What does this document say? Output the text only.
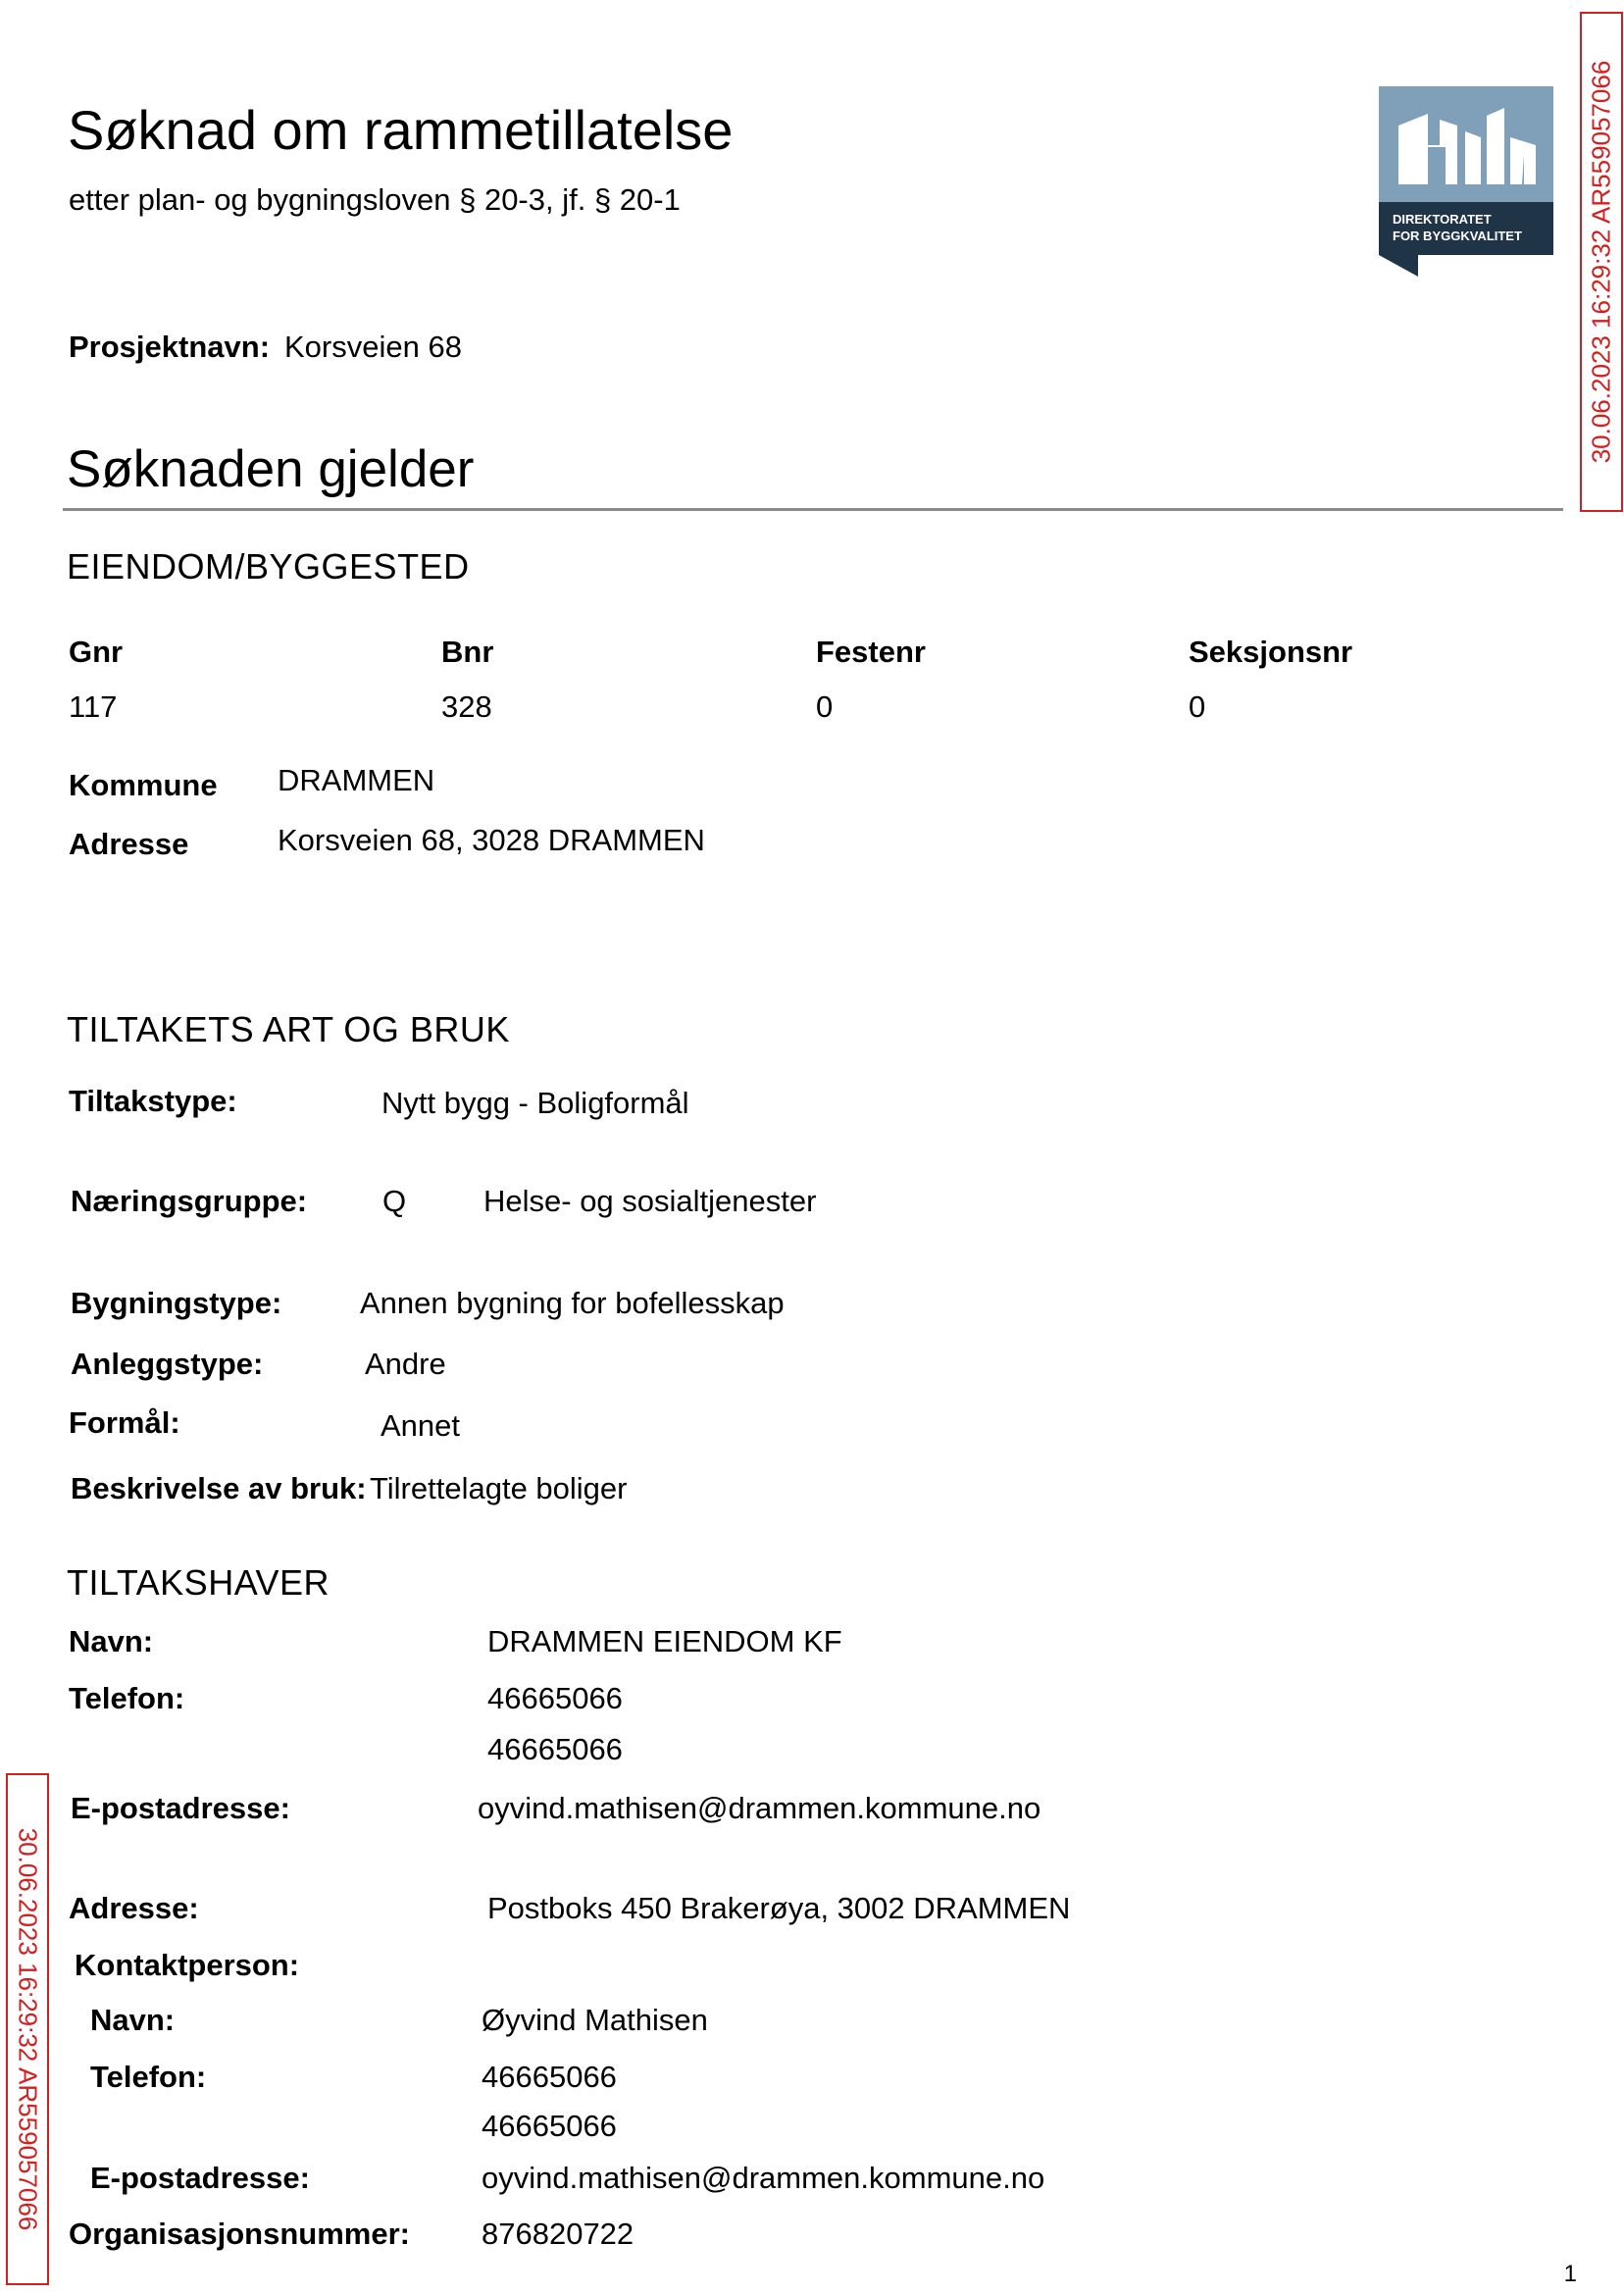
Søknad om rammetillatelse
etter plan- og bygningsloven § 20-3, jf. § 20-1
DIREKTORATET
FOR BYGGKVALITET	30.06.2023 16:29:32 AR559057066
Prosjektnavn: Korsveien 68
Søknaden gjelder
EIENDOM/BYGGESTED
Gnr	Bnr	Festenr	Seksjonsnr
117	328	0	0
Kommune DRAMMEN
Adresse	Korsveien 68, 3028 DRAMMEN
TILTAKETS ART OG BRUK
Tiltakstype:	Nytt bygg - Boligformål
Næringsgruppe: Q	Helse- og sosialtjenester
Bygningstype:	Annen bygning for bofellesskap
Anleggstype:	Andre
Formål:	Annet
Beskrivelse av bruk: Tilrettelagte boliger
TILTAKSHAVER
Navn:	DRAMMEN EIENDOM KF
Telefon:	46665066
46665066
E-postadresse:	oyvind.mathisen@drammen.kommune.no
Adresse:	Postboks 450 Brakerøya, 3002 DRAMMEN
Kontaktperson:
Navn:	Øyvind Mathisen
Telefon:	46665066
46665066
E-postadresse:	oyvind.mathisen@drammen.kommune.no
Organisasjonsnummer: 876820722
30.06.2023 16:29:32 AR559057066
1
